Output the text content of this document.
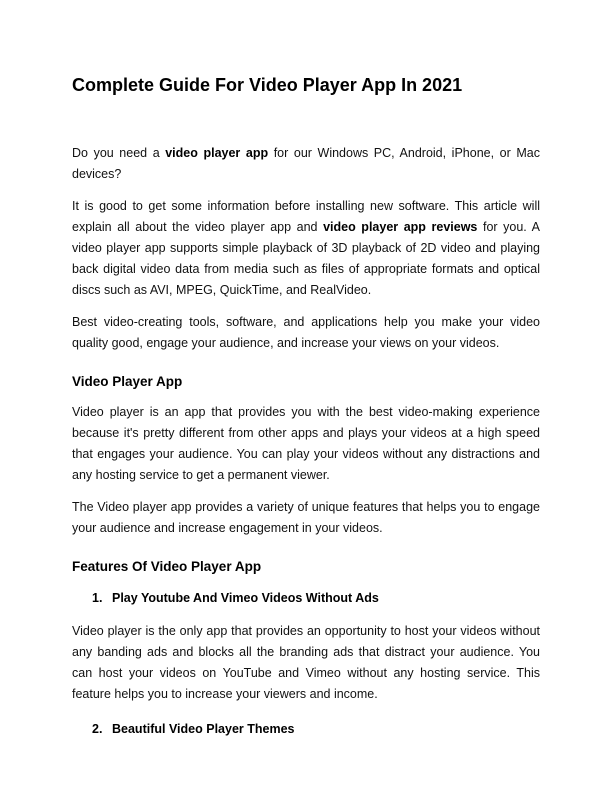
Complete Guide For Video Player App In 2021

Do you need a video player app for our Windows PC, Android, iPhone, or Mac devices?

It is good to get some information before installing new software. This article will explain all about the video player app and video player app reviews for you. A video player app supports simple playback of 3D playback of 2D video and playing back digital video data from media such as files of appropriate formats and optical discs such as AVI, MPEG, QuickTime, and RealVideo.

Best video-creating tools, software, and applications help you make your video quality good, engage your audience, and increase your views on your videos.

Video Player App

Video player is an app that provides you with the best video-making experience because it's pretty different from other apps and plays your videos at a high speed that engages your audience. You can play your videos without any distractions and any hosting service to get a permanent viewer.

The Video player app provides a variety of unique features that helps you to engage your audience and increase engagement in your videos.

Features Of Video Player App
1. Play Youtube And Vimeo Videos Without Ads

Video player is the only app that provides an opportunity to host your videos without any banding ads and blocks all the branding ads that distract your audience. You can host your videos on YouTube and Vimeo without any hosting service. This feature helps you to increase your viewers and income.

2. Beautiful Video Player Themes
